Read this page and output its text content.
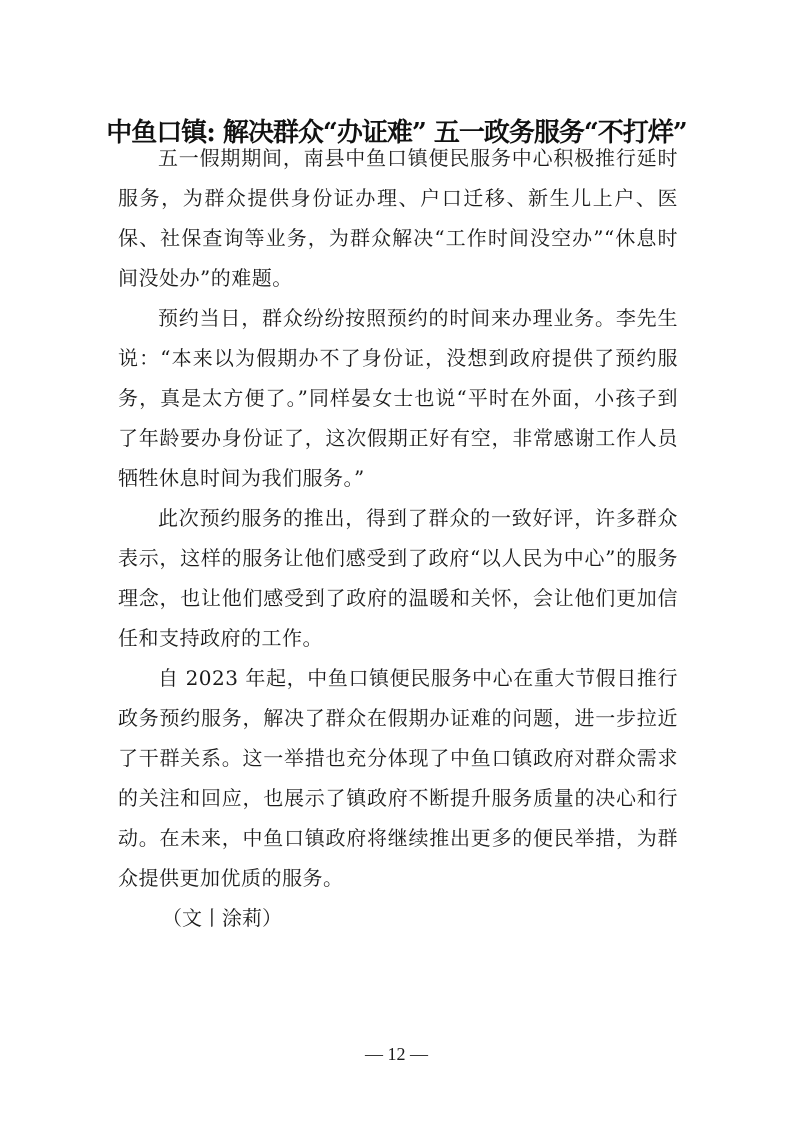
中鱼口镇: 解决群众“办证难” 五一政务服务“不打烊”

五一假期期间，南县中鱼口镇便民服务中心积极推行延时服务，为群众提供身份证办理、户口迁移、新生儿上户、医保、社保查询等业务，为群众解决“工作时间没空办”“休息时间没处办”的难题。

预约当日，群众纷纷按照预约的时间来办理业务。李先生说：“本来以为假期办不了身份证，没想到政府提供了预约服务，真是太方便了。”同样晏女士也说“平时在外面，小孩子到了年龄要办身份证了，这次假期正好有空，非常感谢工作人员牺牲休息时间为我们服务。”

此次预约服务的推出，得到了群众的一致好评，许多群众表示，这样的服务让他们感受到了政府“以人民为中心”的服务理念，也让他们感受到了政府的温暖和关怀，会让他们更加信任和支持政府的工作。

自 2023 年起，中鱼口镇便民服务中心在重大节假日推行政务预约服务，解决了群众在假期办证难的问题，进一步拉近了干群关系。这一举措也充分体现了中鱼口镇政府对群众需求的关注和回应，也展示了镇政府不断提升服务质量的决心和行动。在未来，中鱼口镇政府将继续推出更多的便民举措，为群众提供更加优质的服务。

（文丨涂莉）

— 12 —
